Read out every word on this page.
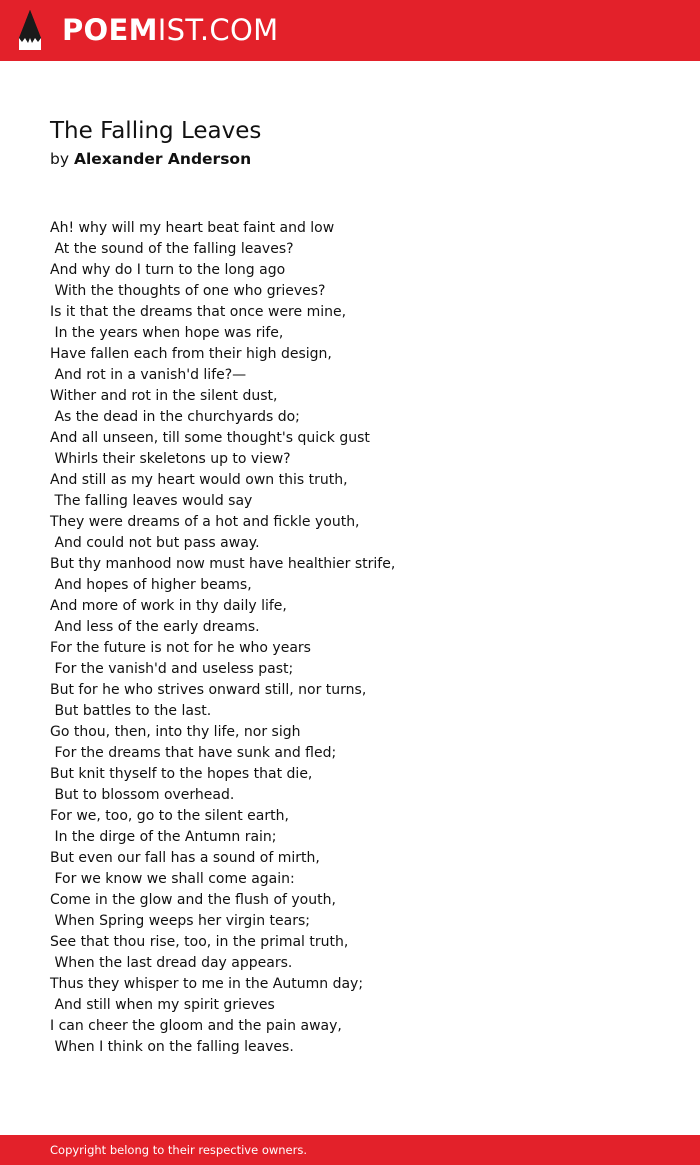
POEMIST.COM
The Falling Leaves
by Alexander Anderson
Ah! why will my heart beat faint and low
At the sound of the falling leaves?
And why do I turn to the long ago
With the thoughts of one who grieves?
Is it that the dreams that once were mine,
In the years when hope was rife,
Have fallen each from their high design,
And rot in a vanish'd life?—
Wither and rot in the silent dust,
As the dead in the churchyards do;
And all unseen, till some thought's quick gust
Whirls their skeletons up to view?
And still as my heart would own this truth,
The falling leaves would say
They were dreams of a hot and fickle youth,
And could not but pass away.
But thy manhood now must have healthier strife,
And hopes of higher beams,
And more of work in thy daily life,
And less of the early dreams.
For the future is not for he who years
For the vanish'd and useless past;
But for he who strives onward still, nor turns,
But battles to the last.
Go thou, then, into thy life, nor sigh
For the dreams that have sunk and fled;
But knit thyself to the hopes that die,
But to blossom overhead.
For we, too, go to the silent earth,
In the dirge of the Antumn rain;
But even our fall has a sound of mirth,
For we know we shall come again:
Come in the glow and the flush of youth,
When Spring weeps her virgin tears;
See that thou rise, too, in the primal truth,
When the last dread day appears.
Thus they whisper to me in the Autumn day;
And still when my spirit grieves
I can cheer the gloom and the pain away,
When I think on the falling leaves.
Copyright belong to their respective owners.
